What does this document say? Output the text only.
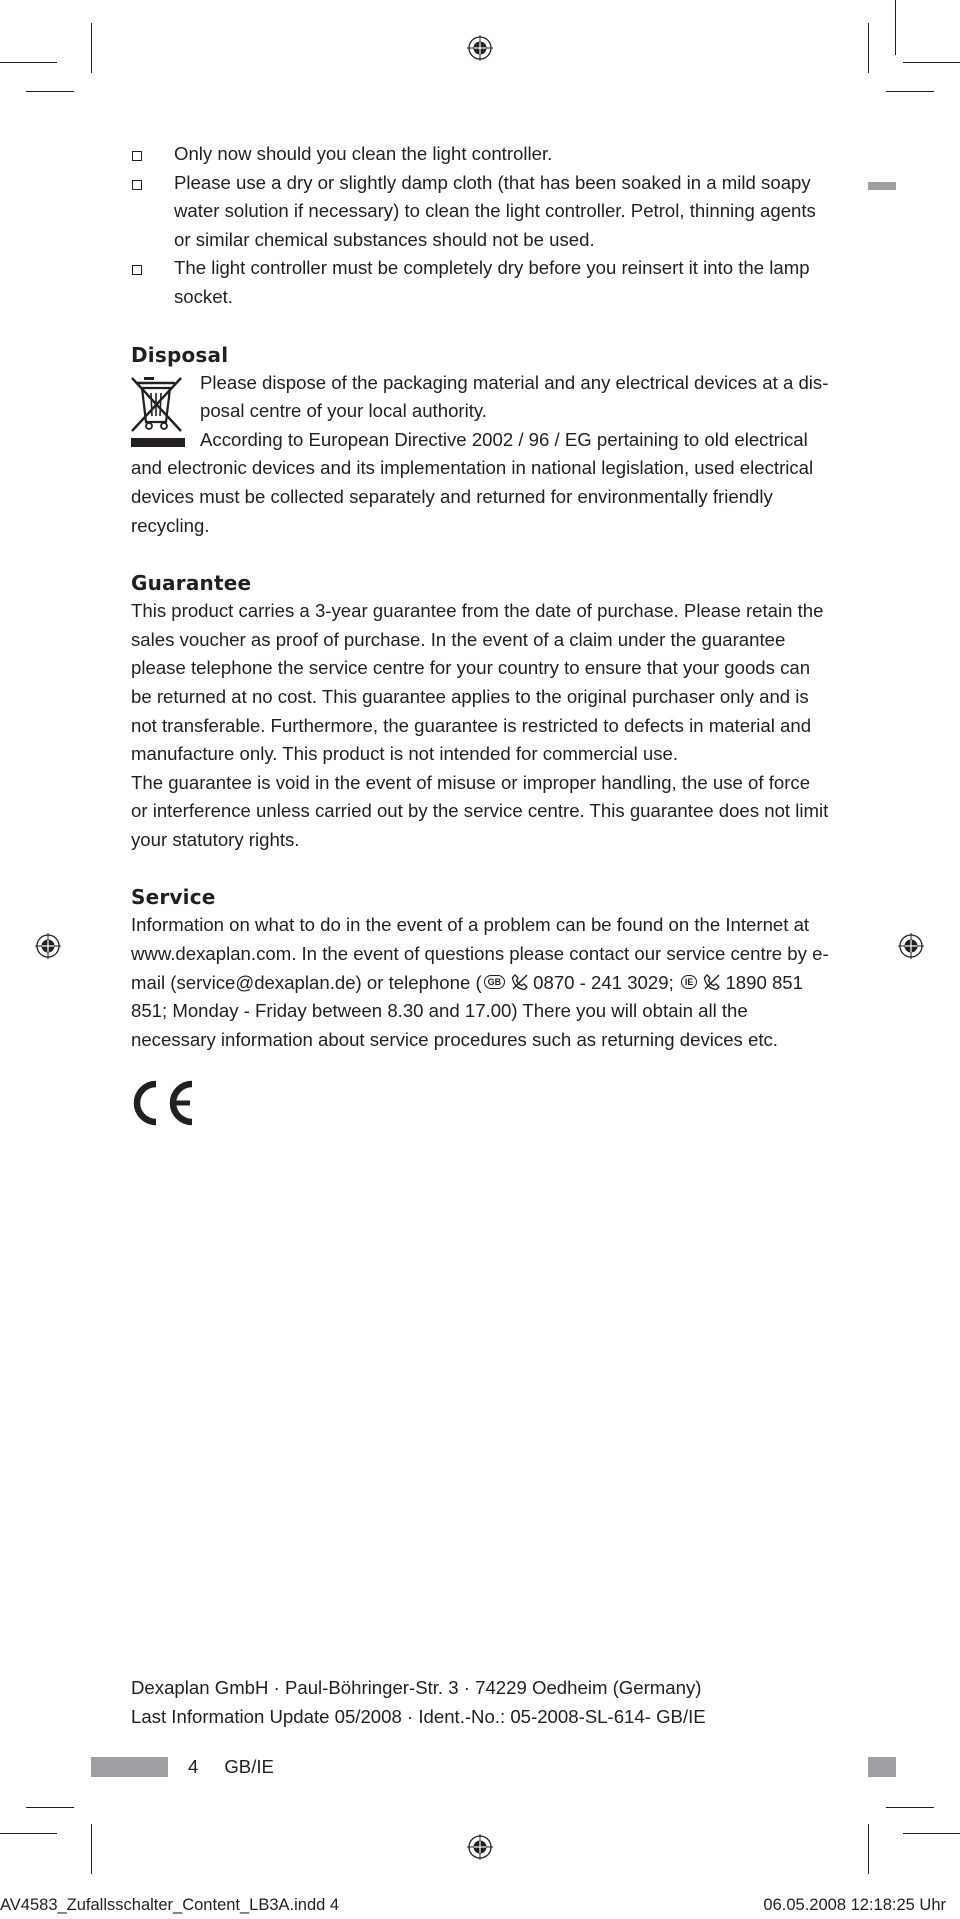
Only now should you clean the light controller.
Please use a dry or slightly damp cloth (that has been soaked in a mild soapy water solution if necessary) to clean the light controller. Petrol, thinning agents or similar chemical substances should not be used.
The light controller must be completely dry before you reinsert it into the lamp socket.
Disposal

Please dispose of the packaging material and any electrical devices at a dis-posal centre of your local authority.

According to European Directive 2002 / 96 / EG pertaining to old electrical

and electronic devices and its implementation in national legislation, used electrical devices must be collected separately and returned for environmentally friendly recycling.

Guarantee

This product carries a 3-year guarantee from the date of purchase. Please retain the sales voucher as proof of purchase. In the event of a claim under the guarantee please telephone the service centre for your country to ensure that your goods can be returned at no cost. This guarantee applies to the original purchaser only and is not transferable. Furthermore, the guarantee is restricted to defects in material and manufacture only. This product is not intended for commercial use.

The guarantee is void in the event of misuse or improper handling, the use of force or interference unless carried out by the service centre. This guarantee does not limit your statutory rights.

Service

Information on what to do in the event of a problem can be found on the Internet at www.dexaplan.com. In the event of questions please contact our service centre by e-mail (service@dexaplan.de) or telephone ( GB 0870 - 241 3029; IE 1890 851 851; Monday - Friday between 8.30 and 17.00) There you will obtain all the necessary information about service procedures such as returning devices etc.

Dexaplan GmbH · Paul-Böhringer-Str. 3 · 74229 Oedheim (Germany)
Last Information Update 05/2008 · Ident.-No.: 05-2008-SL-614- GB/IE
4 GB/IE
AV4583_Zufallsschalter_Content_LB3A.indd 4	06.05.2008 12:18:25 Uhr
